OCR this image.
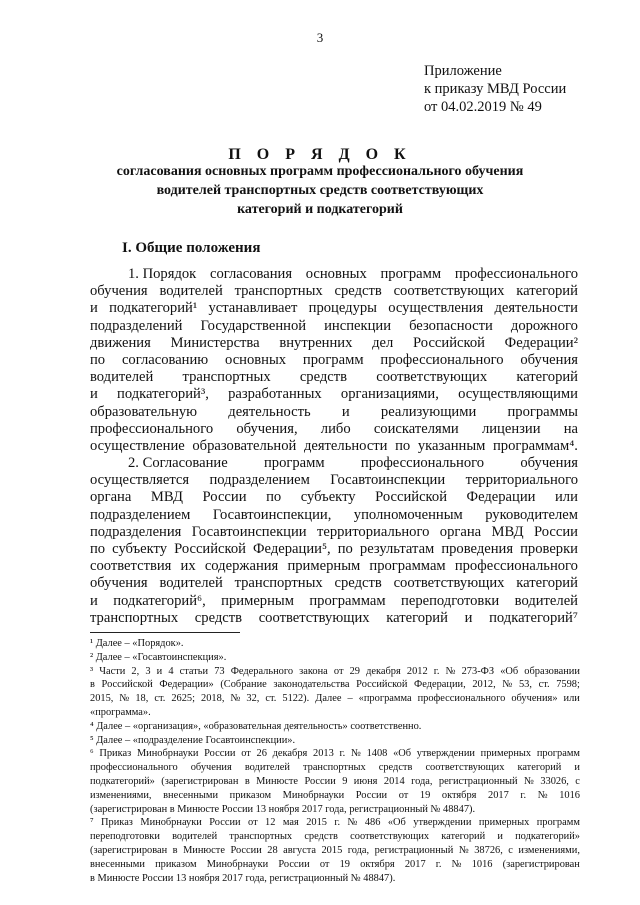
3
Приложение
к приказу МВД России
от 04.02.2019 № 49
П О Р Я Д О К
согласования основных программ профессионального обучения
водителей транспортных средств соответствующих
категорий и подкатегорий
I. Общие положения
1. Порядок согласования основных программ профессионального
обучения водителей транспортных средств соответствующих категорий
и подкатегорий¹ устанавливает процедуры осуществления деятельности
подразделений Государственной инспекции безопасности дорожного
движения Министерства внутренних дел Российской Федерации²
по согласованию основных программ профессионального обучения
водителей транспортных средств соответствующих категорий
и подкатегорий³, разработанных организациями, осуществляющими
образовательную деятельность и реализующими программы
профессионального обучения, либо соискателями лицензии на
осуществление образовательной деятельности по указанным программам⁴.
2. Согласование программ профессионального обучения
осуществляется подразделением Госавтоинспекции территориального
органа МВД России по субъекту Российской Федерации или
подразделением Госавтоинспекции, уполномоченным руководителем
подразделения Госавтоинспекции территориального органа МВД России
по субъекту Российской Федерации⁵, по результатам проведения проверки
соответствия их содержания примерным программам профессионального
обучения водителей транспортных средств соответствующих категорий
и подкатегорий⁶, примерным программам переподготовки водителей
транспортных средств соответствующих категорий и подкатегорий⁷
¹ Далее – «Порядок».
² Далее – «Госавтоинспекция».
³ Части 2, 3 и 4 статьи 73 Федерального закона от 29 декабря 2012 г. № 273-ФЗ «Об образовании
в Российской Федерации» (Собрание законодательства Российской Федерации, 2012, № 53, ст. 7598;
2015, № 18, ст. 2625; 2018, № 32, ст. 5122). Далее – «программа профессионального обучения» или
«программа».
⁴ Далее – «организация», «образовательная деятельность» соответственно.
⁵ Далее – «подразделение Госавтоинспекции».
⁶ Приказ Минобрнауки России от 26 декабря 2013 г. № 1408 «Об утверждении примерных программ
профессионального обучения водителей транспортных средств соответствующих категорий и
подкатегорий» (зарегистрирован в Минюсте России 9 июня 2014 года, регистрационный № 33026, с
изменениями, внесенными приказом Минобрнауки России от 19 октября 2017 г. № 1016
(зарегистрирован в Минюсте России 13 ноября 2017 года, регистрационный № 48847).
⁷ Приказ Минобрнауки России от 12 мая 2015 г. № 486 «Об утверждении примерных программ
переподготовки водителей транспортных средств соответствующих категорий и подкатегорий»
(зарегистрирован в Минюсте России 28 августа 2015 года, регистрационный № 38726, с изменениями,
внесенными приказом Минобрнауки России от 19 октября 2017 г. № 1016 (зарегистрирован
в Минюсте России 13 ноября 2017 года, регистрационный № 48847).
